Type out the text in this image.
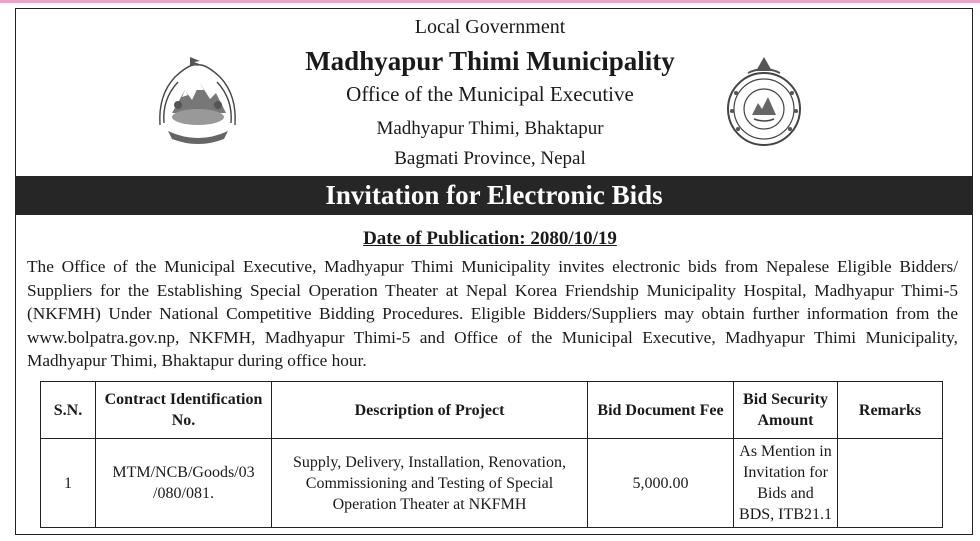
Local Government
Madhyapur Thimi Municipality
Office of the Municipal Executive
Madhyapur Thimi, Bhaktapur
Bagmati Province, Nepal
Invitation for Electronic Bids
Date of Publication: 2080/10/19
The Office of the Municipal Executive, Madhyapur Thimi Municipality invites electronic bids from Nepalese Eligible Bidders/ Suppliers for the Establishing Special Operation Theater at Nepal Korea Friendship Municipality Hospital, Madhyapur Thimi-5 (NKFMH) Under National Competitive Bidding Procedures. Eligible Bidders/Suppliers may obtain further information from the www.bolpatra.gov.np, NKFMH, Madhyapur Thimi-5 and Office of the Municipal Executive, Madhyapur Thimi Municipality, Madhyapur Thimi, Bhaktapur during office hour.
S.N.	Contract Identification No.	Description of Project	Bid Document Fee	Bid Security Amount	Remarks
1	MTM/NCB/Goods/03 /080/081.	Supply, Delivery, Installation, Renovation, Commissioning and Testing of Special Operation Theater at NKFMH	5,000.00	As Mention in Invitation for Bids and BDS, ITB21.1	
